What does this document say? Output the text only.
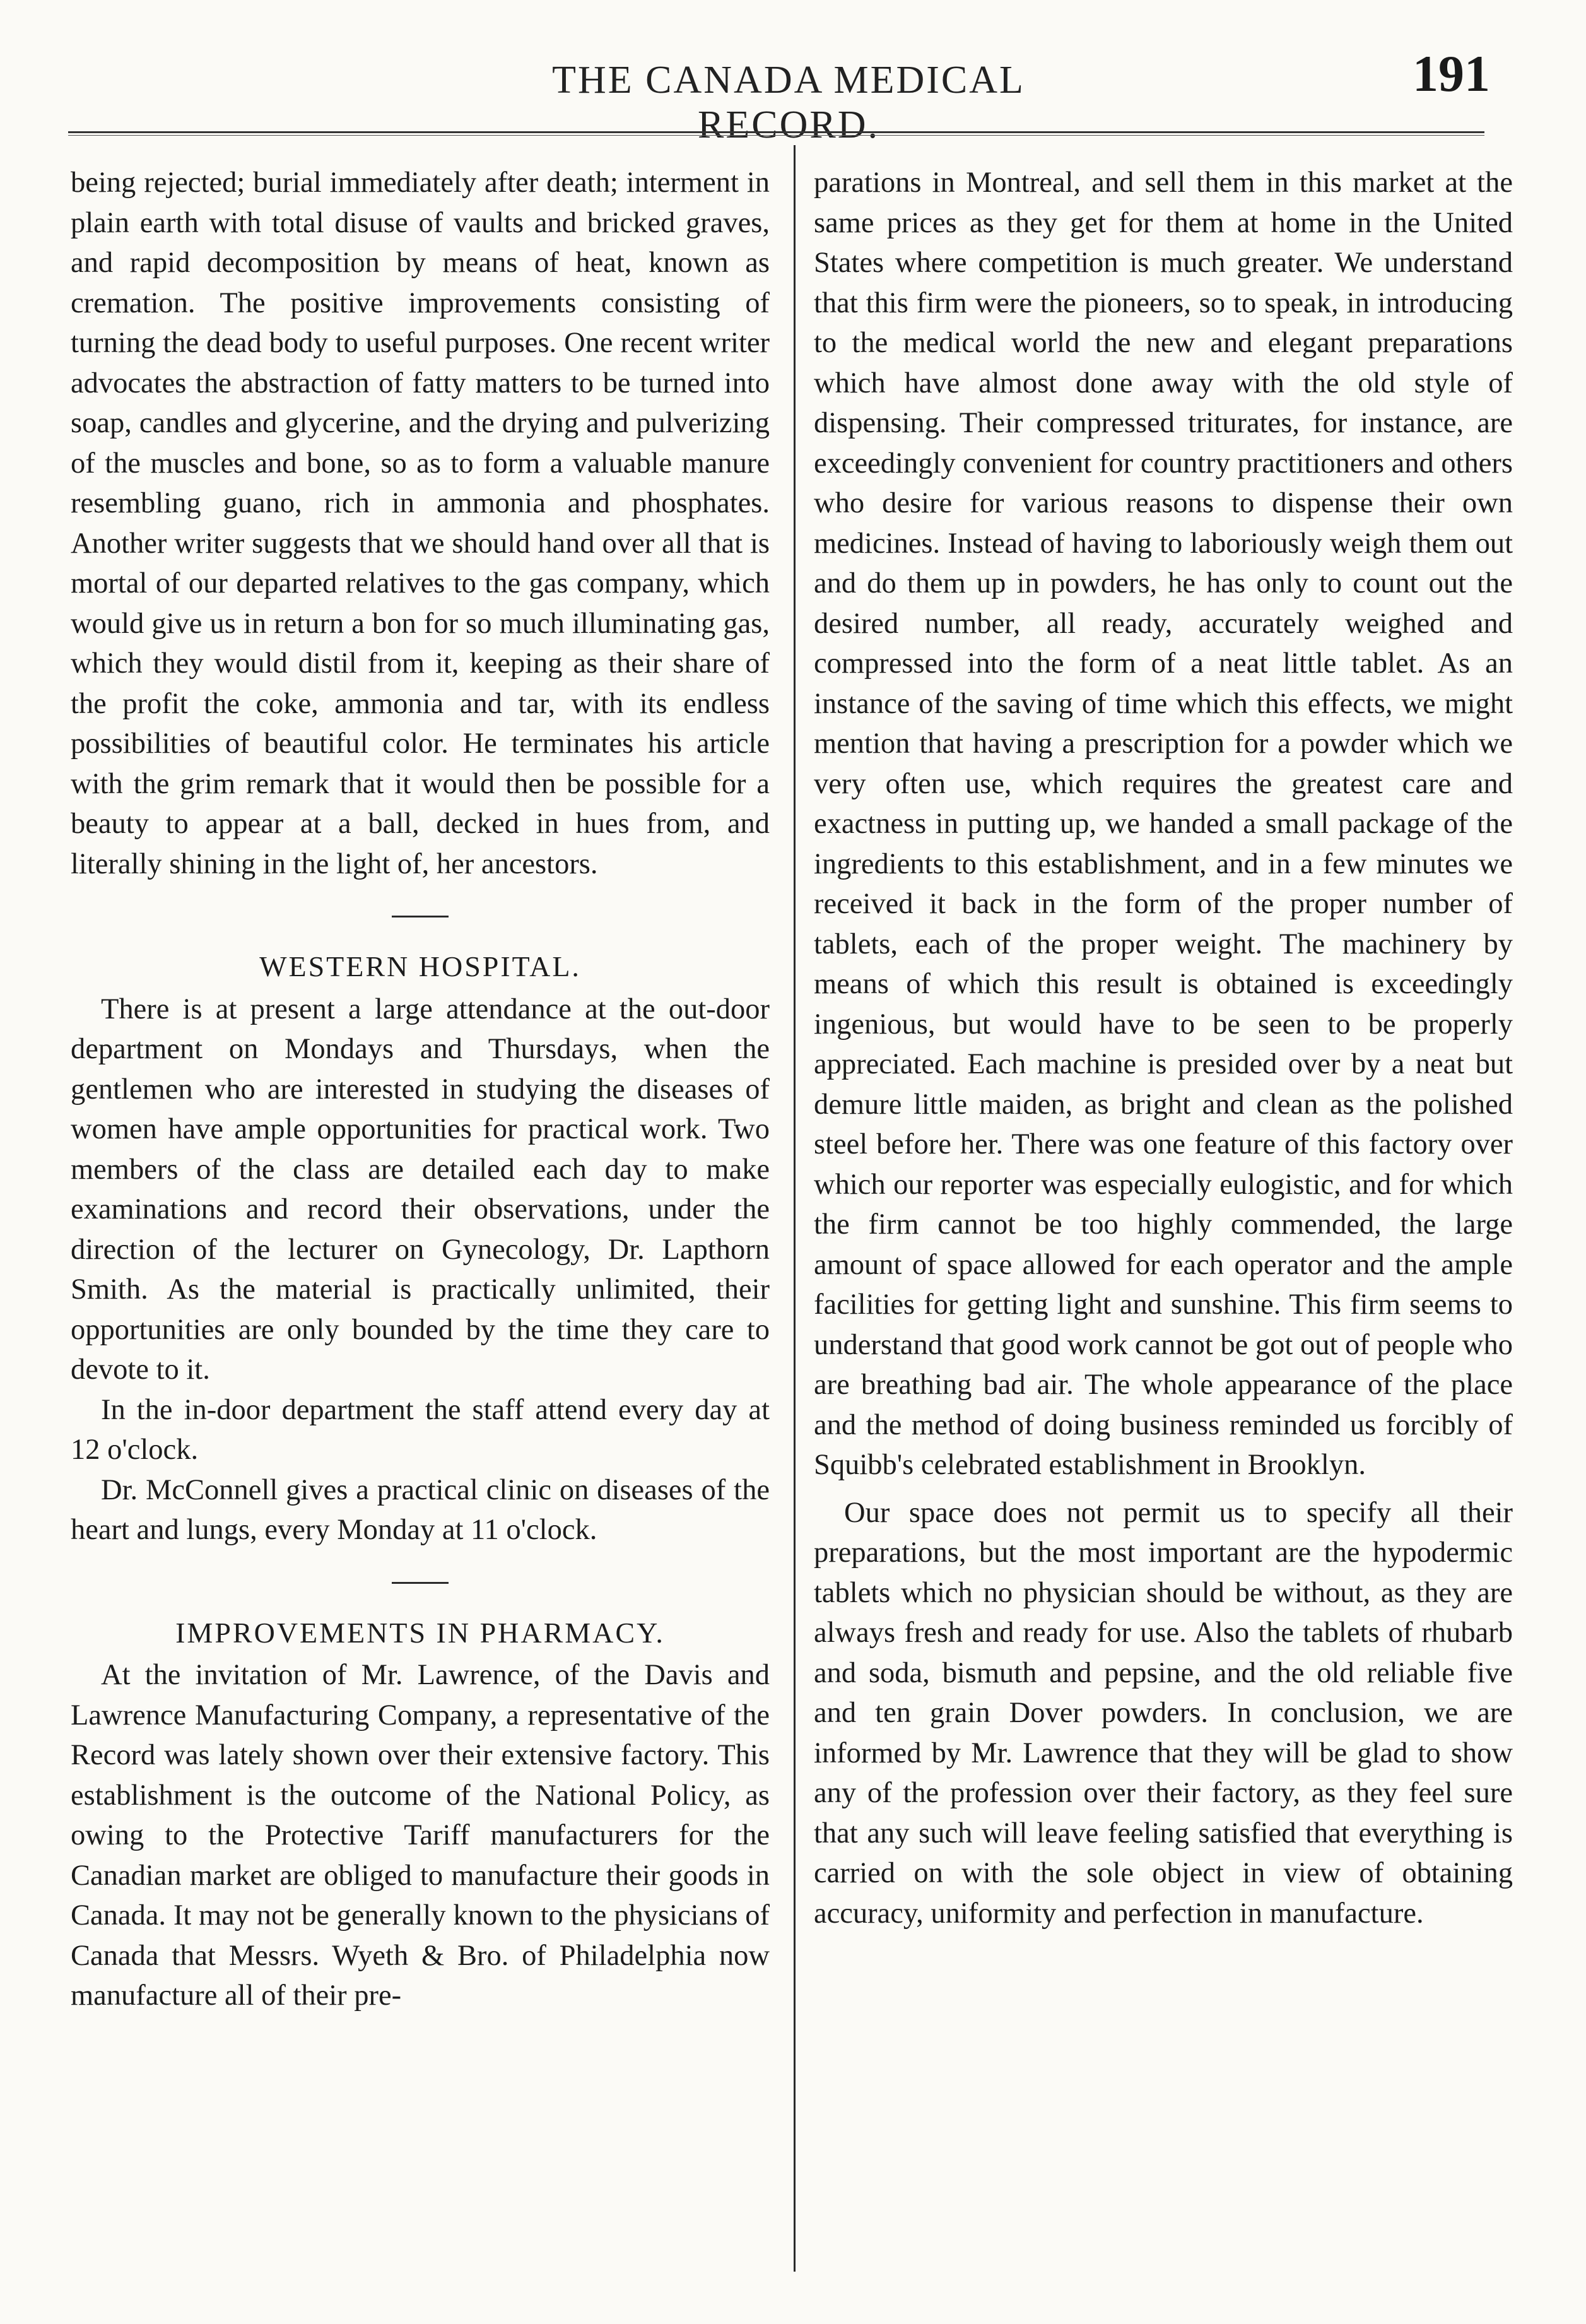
THE CANADA MEDICAL RECORD.
191

being rejected; burial immediately after death; interment in plain earth with total disuse of vaults and bricked graves, and rapid decomposition by means of heat, known as cremation. The positive improvements consisting of turning the dead body to useful purposes. One recent writer advocates the abstraction of fatty matters to be turned into soap, candles and glycerine, and the drying and pulverizing of the muscles and bone, so as to form a valuable manure resembling guano, rich in ammonia and phosphates. Another writer suggests that we should hand over all that is mortal of our departed relatives to the gas company, which would give us in return a bon for so much illuminating gas, which they would distil from it, keeping as their share of the profit the coke, ammonia and tar, with its endless possibilities of beautiful color. He terminates his article with the grim remark that it would then be possible for a beauty to appear at a ball, decked in hues from, and literally shining in the light of, her ancestors.

WESTERN HOSPITAL.

There is at present a large attendance at the out-door department on Mondays and Thursdays, when the gentlemen who are interested in studying the diseases of women have ample opportunities for practical work. Two members of the class are detailed each day to make examinations and record their observations, under the direction of the lecturer on Gynecology, Dr. Lapthorn Smith. As the material is practically unlimited, their opportunities are only bounded by the time they care to devote to it.

In the in-door department the staff attend every day at 12 o'clock.

Dr. McConnell gives a practical clinic on diseases of the heart and lungs, every Monday at 11 o'clock.

IMPROVEMENTS IN PHARMACY.

At the invitation of Mr. Lawrence, of the Davis and Lawrence Manufacturing Company, a representative of the Record was lately shown over their extensive factory. This establishment is the outcome of the National Policy, as owing to the Protective Tariff manufacturers for the Canadian market are obliged to manufacture their goods in Canada. It may not be generally known to the physicians of Canada that Messrs. Wyeth & Bro. of Philadelphia now manufacture all of their pre-

parations in Montreal, and sell them in this market at the same prices as they get for them at home in the United States where competition is much greater. We understand that this firm were the pioneers, so to speak, in introducing to the medical world the new and elegant preparations which have almost done away with the old style of dispensing. Their compressed triturates, for instance, are exceedingly convenient for country practitioners and others who desire for various reasons to dispense their own medicines. Instead of having to laboriously weigh them out and do them up in powders, he has only to count out the desired number, all ready, accurately weighed and compressed into the form of a neat little tablet. As an instance of the saving of time which this effects, we might mention that having a prescription for a powder which we very often use, which requires the greatest care and exactness in putting up, we handed a small package of the ingredients to this establishment, and in a few minutes we received it back in the form of the proper number of tablets, each of the proper weight. The machinery by means of which this result is obtained is exceedingly ingenious, but would have to be seen to be properly appreciated. Each machine is presided over by a neat but demure little maiden, as bright and clean as the polished steel before her. There was one feature of this factory over which our reporter was especially eulogistic, and for which the firm cannot be too highly commended, the large amount of space allowed for each operator and the ample facilities for getting light and sunshine. This firm seems to understand that good work cannot be got out of people who are breathing bad air. The whole appearance of the place and the method of doing business reminded us forcibly of Squibb's celebrated establishment in Brooklyn.

Our space does not permit us to specify all their preparations, but the most important are the hypodermic tablets which no physician should be without, as they are always fresh and ready for use. Also the tablets of rhubarb and soda, bismuth and pepsine, and the old reliable five and ten grain Dover powders. In conclusion, we are informed by Mr. Lawrence that they will be glad to show any of the profession over their factory, as they feel sure that any such will leave feeling satisfied that everything is carried on with the sole object in view of obtaining accuracy, uniformity and perfection in manufacture.
